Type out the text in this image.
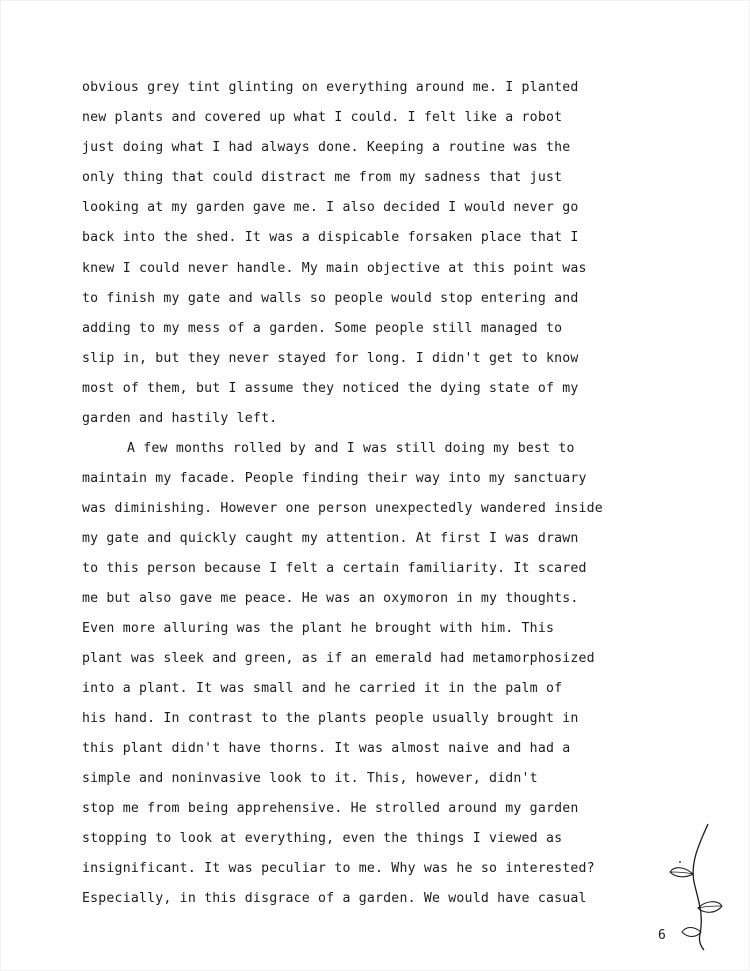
obvious grey tint glinting on everything around me. I planted
new plants and covered up what I could. I felt like a robot
just doing what I had always done. Keeping a routine was the
only thing that could distract me from my sadness that just
looking at my garden gave me. I also decided I would never go
back into the shed. It was a dispicable forsaken place that I
knew I could never handle. My main objective at this point was
to finish my gate and walls so people would stop entering and
adding to my mess of a garden. Some people still managed to
slip in, but they never stayed for long. I didn't get to know
most of them, but I assume they noticed the dying state of my
garden and hastily left.
A few months rolled by and I was still doing my best to
maintain my facade. People finding their way into my sanctuary
was diminishing. However one person unexpectedly wandered inside
my gate and quickly caught my attention. At first I was drawn
to this person because I felt a certain familiarity. It scared
me but also gave me peace. He was an oxymoron in my thoughts.
Even more alluring was the plant he brought with him. This
plant was sleek and green, as if an emerald had metamorphosized
into a plant. It was small and he carried it in the palm of
his hand. In contrast to the plants people usually brought in
this plant didn't have thorns. It was almost naive and had a
simple and noninvasive look to it. This, however, didn't
stop me from being apprehensive. He strolled around my garden
stopping to look at everything, even the things I viewed as
insignificant. It was peculiar to me. Why was he so interested?
Especially, in this disgrace of a garden. We would have casual
6
